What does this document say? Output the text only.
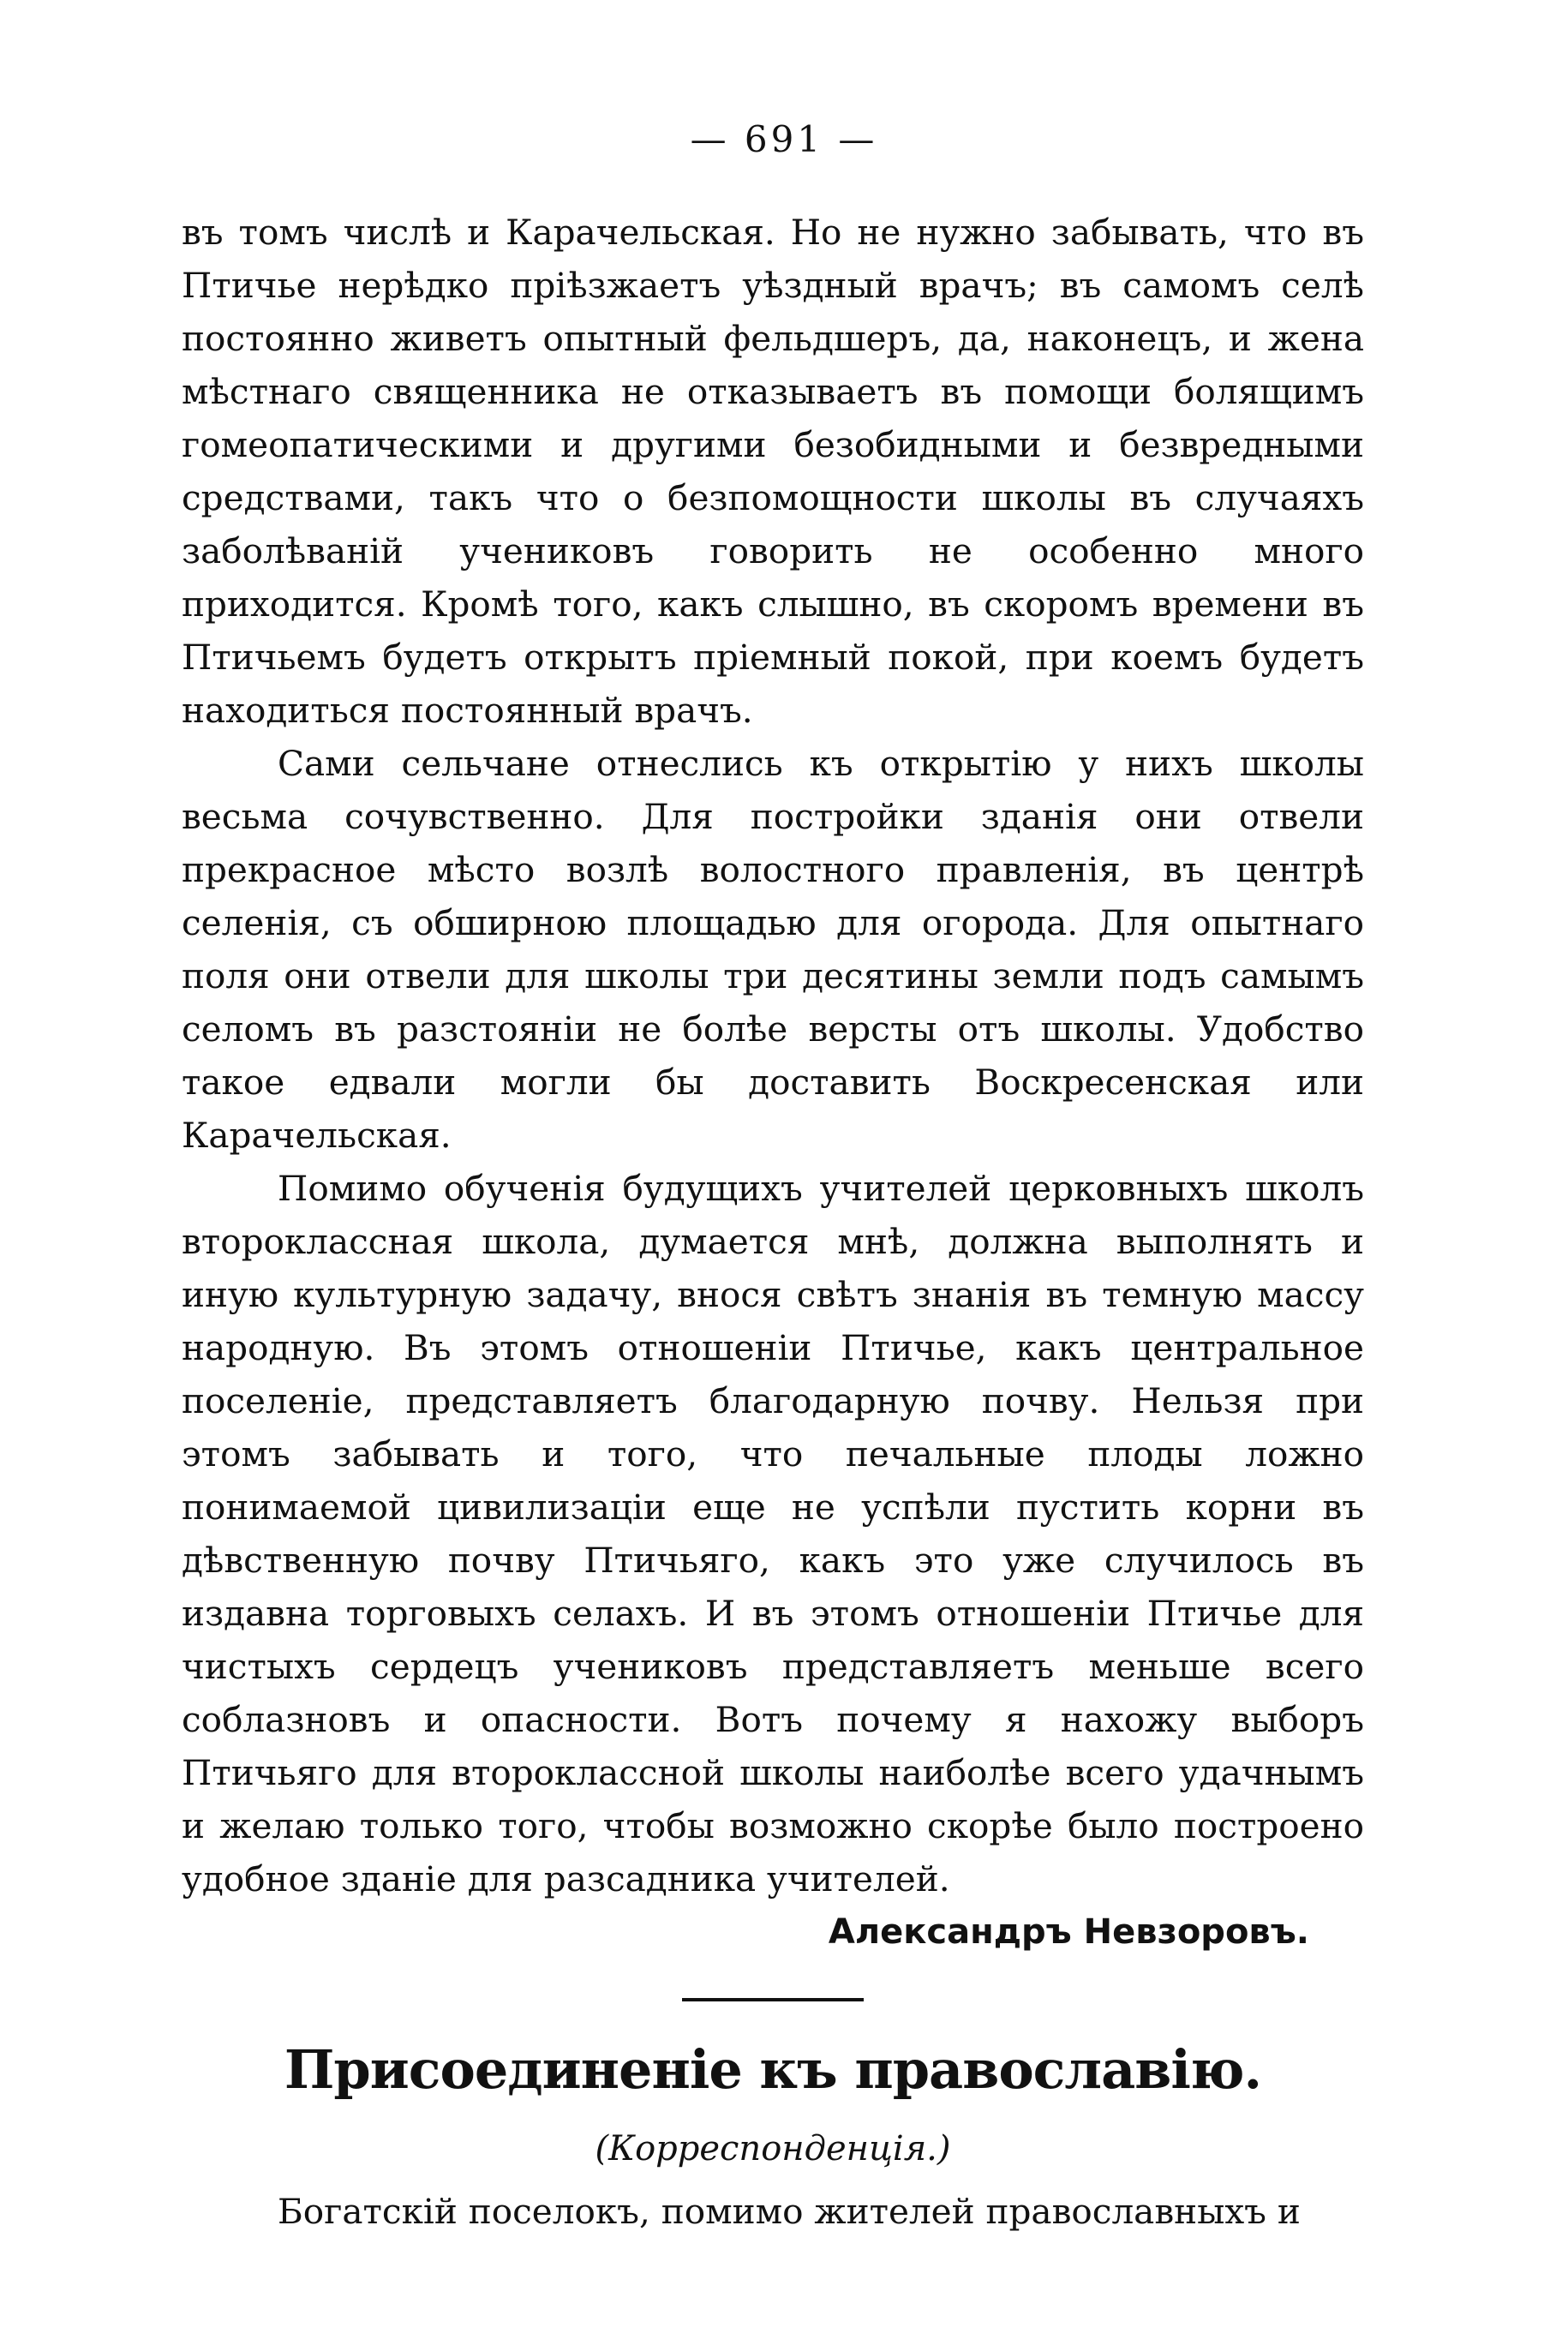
— 691 —

въ томъ числѣ и Карачельская. Но не нужно забывать, что въ Птичье нерѣдко пріѣзжаетъ уѣздный врачъ; въ самомъ селѣ постоянно живетъ опытный фельдшеръ, да, наконецъ, и жена мѣстнаго священника не отказываетъ въ помощи болящимъ гомеопатическими и другими безобидными и безвредными средствами, такъ что о безпомощности школы въ случаяхъ заболѣваній учениковъ говорить не особенно много приходится. Кромѣ того, какъ слышно, въ скоромъ времени въ Птичьемъ будетъ открытъ пріемный покой, при коемъ будетъ находиться постоянный врачъ.

Сами сельчане отнеслись къ открытію у нихъ школы весьма сочувственно. Для постройки зданія они отвели прекрасное мѣсто возлѣ волостного правленія, въ центрѣ селенія, съ обширною площадью для огорода. Для опытнаго поля они отвели для школы три десятины земли подъ самымъ селомъ въ разстояніи не болѣе версты отъ школы. Удобство такое едвали могли бы доставить Воскресенская или Карачельская.

Помимо обученія будущихъ учителей церковныхъ школъ второклассная школа, думается мнѣ, должна выполнять и иную культурную задачу, внося свѣтъ знанія въ темную массу народную. Въ этомъ отношеніи Птичье, какъ центральное поселеніе, представляетъ благодарную почву. Нельзя при этомъ забывать и того, что печальные плоды ложно понимаемой цивилизаціи еще не успѣли пустить корни въ дѣвственную почву Птичьяго, какъ это уже случилось въ издавна торговыхъ селахъ. И въ этомъ отношеніи Птичье для чистыхъ сердецъ учениковъ представляетъ меньше всего соблазновъ и опасности. Вотъ почему я нахожу выборъ Птичьяго для второклассной школы наиболѣе всего удачнымъ и желаю только того, чтобы возможно скорѣе было построено удобное зданіе для разсадника учителей.

Александръ Невзоровъ.

Присоединеніе къ православію.

(Корреспонденція.)

Богатскій поселокъ, помимо жителей православныхъ и
